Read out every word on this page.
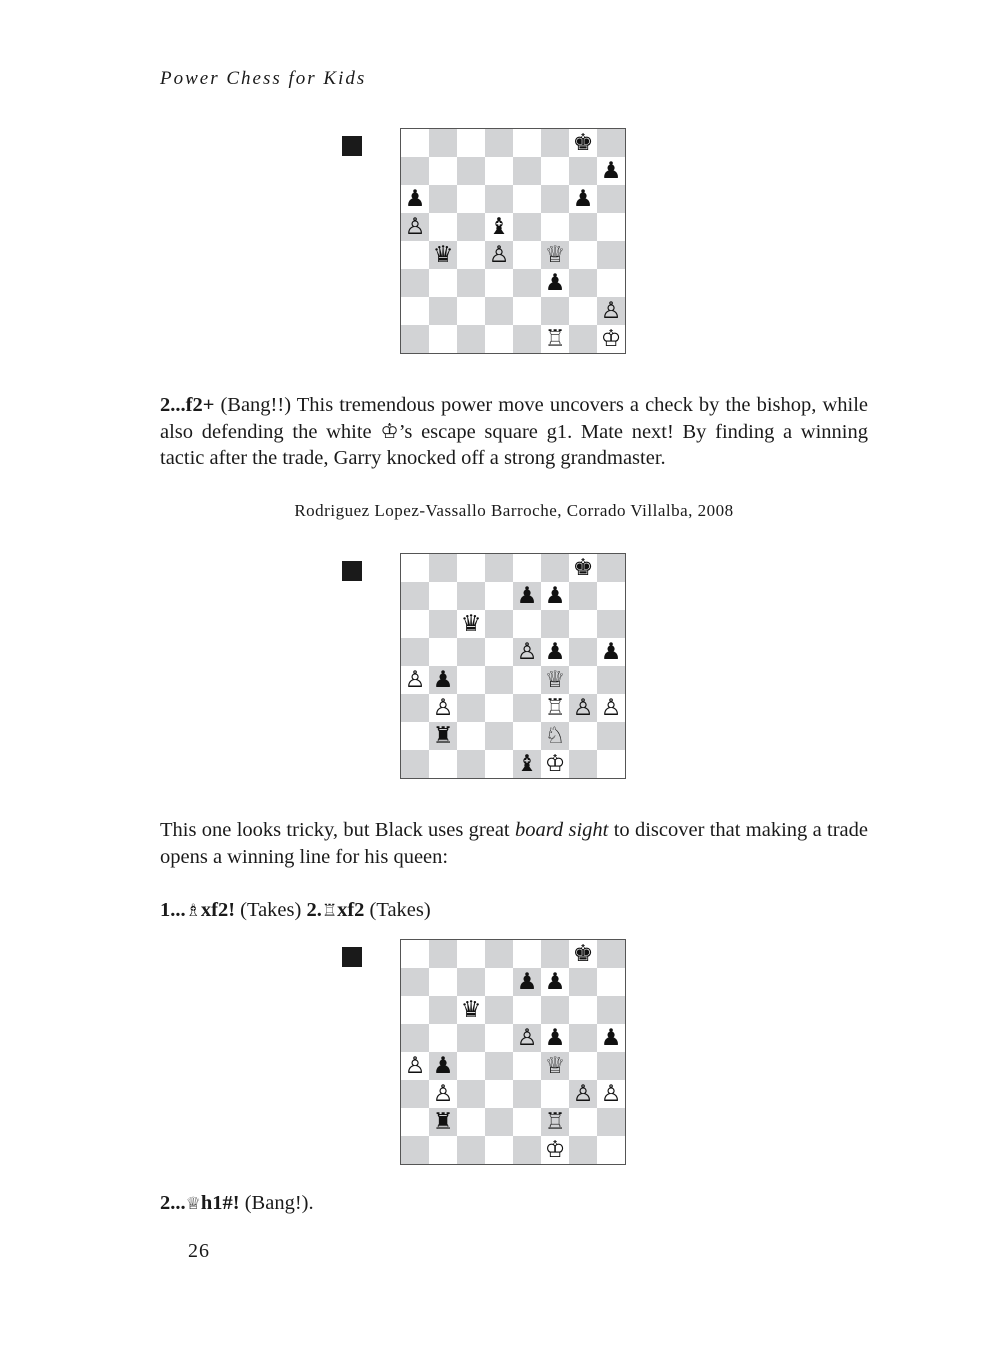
Power Chess for Kids
♚
♟
♟	♟
♙	♝
♛ ♙ ♕
♟
♙
♖ ♔

2...f2+ (Bang!!) This tremendous power move uncovers a check by the bishop, while also defending the white ♔’s escape square g1. Mate next! By finding a winning tactic after the trade, Garry knocked off a strong grandmaster.

Rodriguez Lopez-Vassallo Barroche, Corrado Villalba, 2008
♚
♟ ♟
♛
♙ ♟ ♟
♙ ♟	♕
♙	♖ ♙ ♙
♜	♘
♝ ♔

This one looks tricky, but Black uses great board sight to discover that making a trade opens a winning line for his queen:

1...♗xf2! (Takes) 2.♖xf2 (Takes)

♚
♟ ♟
♛
♙ ♟ ♟
♙ ♟	♕
♙	♙ ♙
♜	♖
♔

2...♕h1#! (Bang!).

26
